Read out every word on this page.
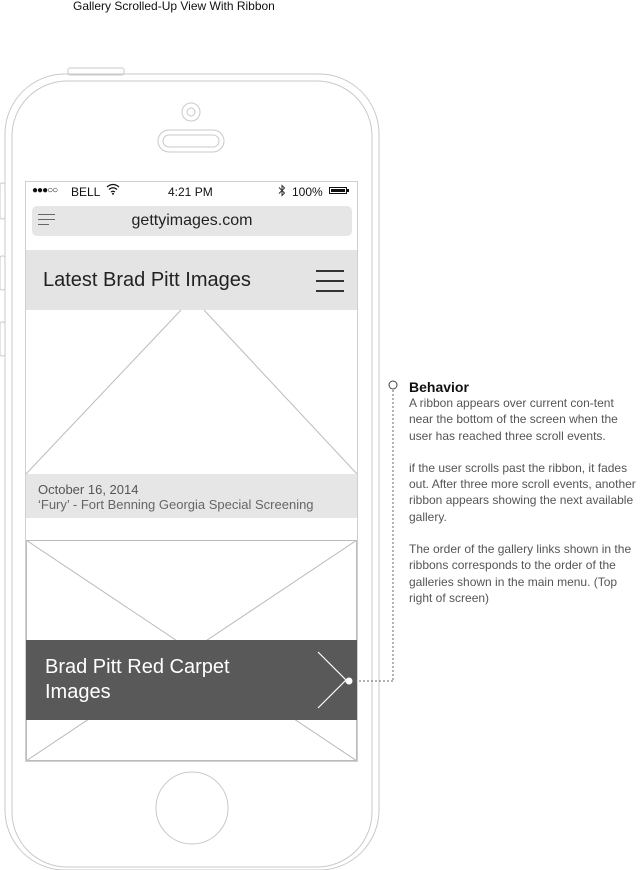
Gallery Scrolled-Up View With Ribbon
●●●○○ BELL	4:21 PM	100%
gettyimages.com
Latest Brad Pitt Images
October 16, 2014
‘Fury’ - Fort Benning Georgia Special Screening
Brad Pitt Red Carpet Images
Behavior

A ribbon appears over current con-tent near the bottom of the screen when the user has reached three scroll events.

if the user scrolls past the ribbon, it fades out. After three more scroll events, another ribbon appears showing the next available gallery.

The order of the gallery links shown in the ribbons corresponds to the order of the galleries shown in the main menu. (Top right of screen)
